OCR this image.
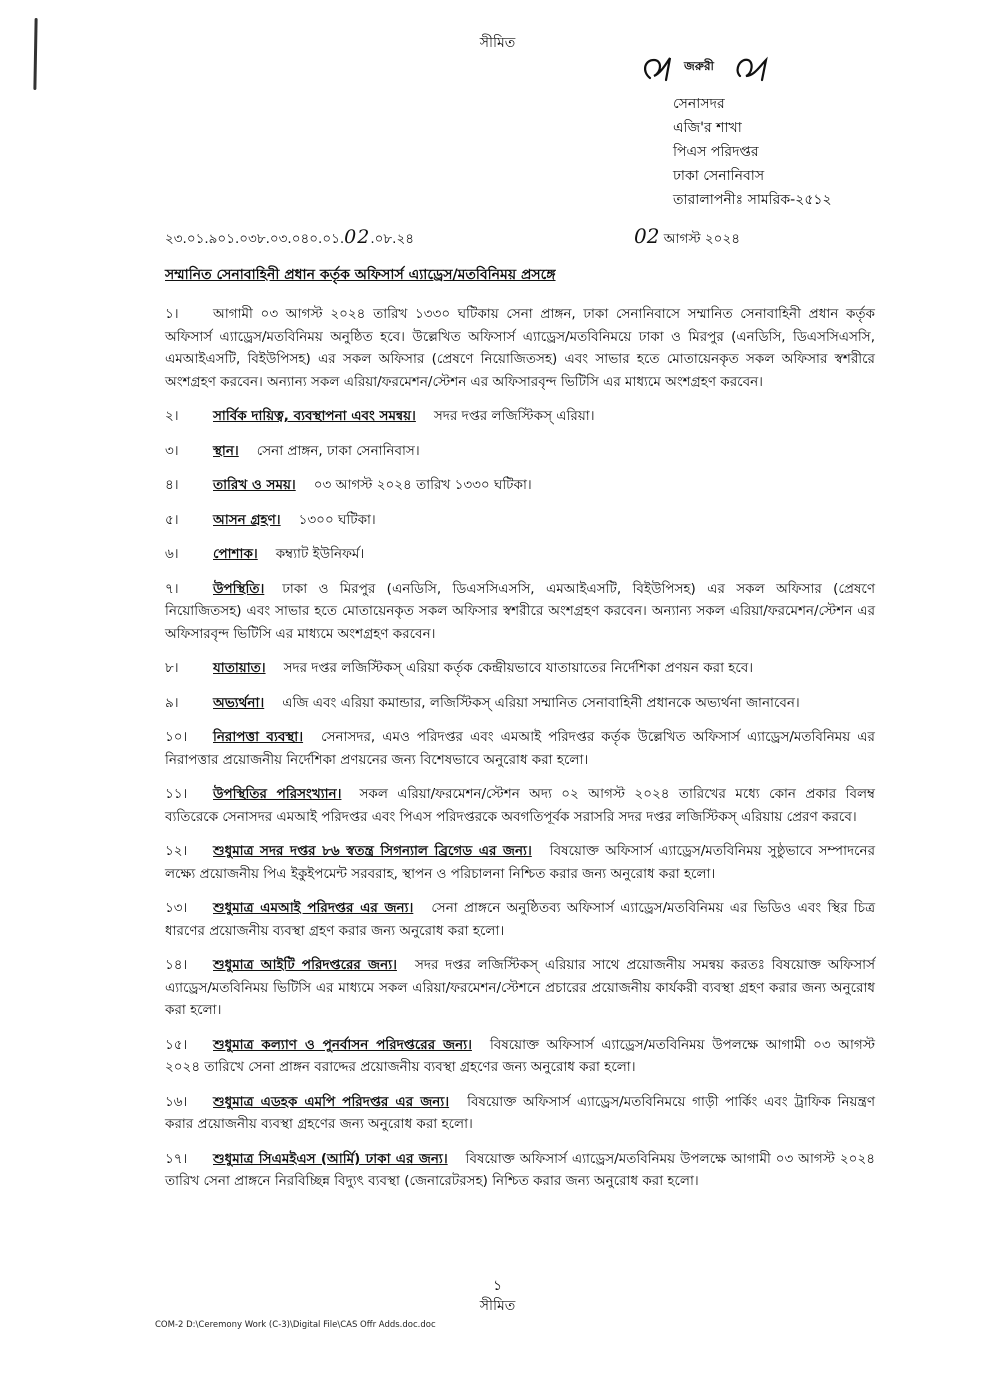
সীমিত
জরুরী
সেনাসদর
এজি'র শাখা
পিএস পরিদপ্তর
ঢাকা সেনানিবাস
তারালাপনীঃ সামরিক-২৫১২
২৩.০১.৯০১.০৩৮.০৩.০৪০.০১.02.০৮.২৪	02 আগস্ট ২০২৪
সম্মানিত সেনাবাহিনী প্রধান কর্তৃক অফিসার্স এ্যাড্রেস/মতবিনিময় প্রসঙ্গে

১।	আগামী ০৩ আগস্ট ২০২৪ তারিখ ১৩৩০ ঘটিকায় সেনা প্রাঙ্গন, ঢাকা সেনানিবাসে সম্মানিত সেনাবাহিনী প্রধান কর্তৃক অফিসার্স এ্যাড্রেস/মতবিনিময় অনুষ্ঠিত হবে। উল্লেখিত অফিসার্স এ্যাড্রেস/মতবিনিময়ে ঢাকা ও মিরপুর (এনডিসি, ডিএসসিএসসি, এমআইএসটি, বিইউপিসহ) এর সকল অফিসার (প্রেষণে নিয়োজিতসহ) এবং সাভার হতে মোতায়েনকৃত সকল অফিসার স্বশরীরে অংশগ্রহণ করবেন। অন্যান্য সকল এরিয়া/ফরমেশন/স্টেশন এর অফিসারবৃন্দ ভিটিসি এর মাধ্যমে অংশগ্রহণ করবেন।

২।	সার্বিক দায়িত্ব, ব্যবস্থাপনা এবং সমন্বয়। সদর দপ্তর লজিস্টিকস্ এরিয়া।

৩।	স্থান। সেনা প্রাঙ্গন, ঢাকা সেনানিবাস।

৪।	তারিখ ও সময়। ০৩ আগস্ট ২০২৪ তারিখ ১৩৩০ ঘটিকা।

৫।	আসন গ্রহণ। ১৩০০ ঘটিকা।

৬।	পোশাক। কম্ব্যাট ইউনিফর্ম।

৭।	উপস্থিতি। ঢাকা ও মিরপুর (এনডিসি, ডিএসসিএসসি, এমআইএসটি, বিইউপিসহ) এর সকল অফিসার (প্রেষণে নিয়োজিতসহ) এবং সাভার হতে মোতায়েনকৃত সকল অফিসার স্বশরীরে অংশগ্রহণ করবেন। অন্যান্য সকল এরিয়া/ফরমেশন/স্টেশন এর অফিসারবৃন্দ ভিটিসি এর মাধ্যমে অংশগ্রহণ করবেন।

৮।	যাতায়াত। সদর দপ্তর লজিস্টিকস্ এরিয়া কর্তৃক কেন্দ্রীয়ভাবে যাতায়াতের নির্দেশিকা প্রণয়ন করা হবে।

৯।	অভ্যর্থনা। এজি এবং এরিয়া কমান্ডার, লজিস্টিকস্ এরিয়া সম্মানিত সেনাবাহিনী প্রধানকে অভ্যর্থনা জানাবেন।

১০। নিরাপত্তা ব্যবস্থা। সেনাসদর, এমও পরিদপ্তর এবং এমআই পরিদপ্তর কর্তৃক উল্লেখিত অফিসার্স এ্যাড্রেস/মতবিনিময় এর নিরাপত্তার প্রয়োজনীয় নির্দেশিকা প্রণয়নের জন্য বিশেষভাবে অনুরোধ করা হলো।

১১। উপস্থিতির পরিসংখ্যান। সকল এরিয়া/ফরমেশন/স্টেশন অদ্য ০২ আগস্ট ২০২৪ তারিখের মধ্যে কোন প্রকার বিলম্ব ব্যতিরেকে সেনাসদর এমআই পরিদপ্তর এবং পিএস পরিদপ্তরকে অবগতিপূর্বক সরাসরি সদর দপ্তর লজিস্টিকস্ এরিয়ায় প্রেরণ করবে।

১২। শুধুমাত্র সদর দপ্তর ৮৬ স্বতন্ত্র সিগন্যাল ব্রিগেড এর জন্য। বিষয়োক্ত অফিসার্স এ্যাড্রেস/মতবিনিময় সুষ্ঠুভাবে সম্পাদনের লক্ষ্যে প্রয়োজনীয় পিএ ইকুইপমেন্ট সরবরাহ, স্থাপন ও পরিচালনা নিশ্চিত করার জন্য অনুরোধ করা হলো।

১৩। শুধুমাত্র এমআই পরিদপ্তর এর জন্য। সেনা প্রাঙ্গনে অনুষ্ঠিতব্য অফিসার্স এ্যাড্রেস/মতবিনিময় এর ভিডিও এবং স্থির চিত্র ধারণের প্রয়োজনীয় ব্যবস্থা গ্রহণ করার জন্য অনুরোধ করা হলো।

১৪। শুধুমাত্র আইটি পরিদপ্তরের জন্য। সদর দপ্তর লজিস্টিকস্ এরিয়ার সাথে প্রয়োজনীয় সমন্বয় করতঃ বিষয়োক্ত অফিসার্স এ্যাড্রেস/মতবিনিময় ভিটিসি এর মাধ্যমে সকল এরিয়া/ফরমেশন/স্টেশনে প্রচারের প্রয়োজনীয় কার্যকরী ব্যবস্থা গ্রহণ করার জন্য অনুরোধ করা হলো।

১৫। শুধুমাত্র কল্যাণ ও পুনর্বাসন পরিদপ্তরের জন্য। বিষয়োক্ত অফিসার্স এ্যাড্রেস/মতবিনিময় উপলক্ষে আগামী ০৩ আগস্ট ২০২৪ তারিখে সেনা প্রাঙ্গন বরাদ্দের প্রয়োজনীয় ব্যবস্থা গ্রহণের জন্য অনুরোধ করা হলো।

১৬। শুধুমাত্র এডহক এমপি পরিদপ্তর এর জন্য। বিষয়োক্ত অফিসার্স এ্যাড্রেস/মতবিনিময়ে গাড়ী পার্কিং এবং ট্রাফিক নিয়ন্ত্রণ করার প্রয়োজনীয় ব্যবস্থা গ্রহণের জন্য অনুরোধ করা হলো।

১৭। শুধুমাত্র সিএমইএস (আর্মি) ঢাকা এর জন্য। বিষয়োক্ত অফিসার্স এ্যাড্রেস/মতবিনিময় উপলক্ষে আগামী ০৩ আগস্ট ২০২৪ তারিখ সেনা প্রাঙ্গনে নিরবিচ্ছিন্ন বিদ্যুৎ ব্যবস্থা (জেনারেটরসহ) নিশ্চিত করার জন্য অনুরোধ করা হলো।

১
সীমিত
COM-2 D:\Ceremony Work (C-3)\Digital File\CAS Offr Adds.doc.doc
